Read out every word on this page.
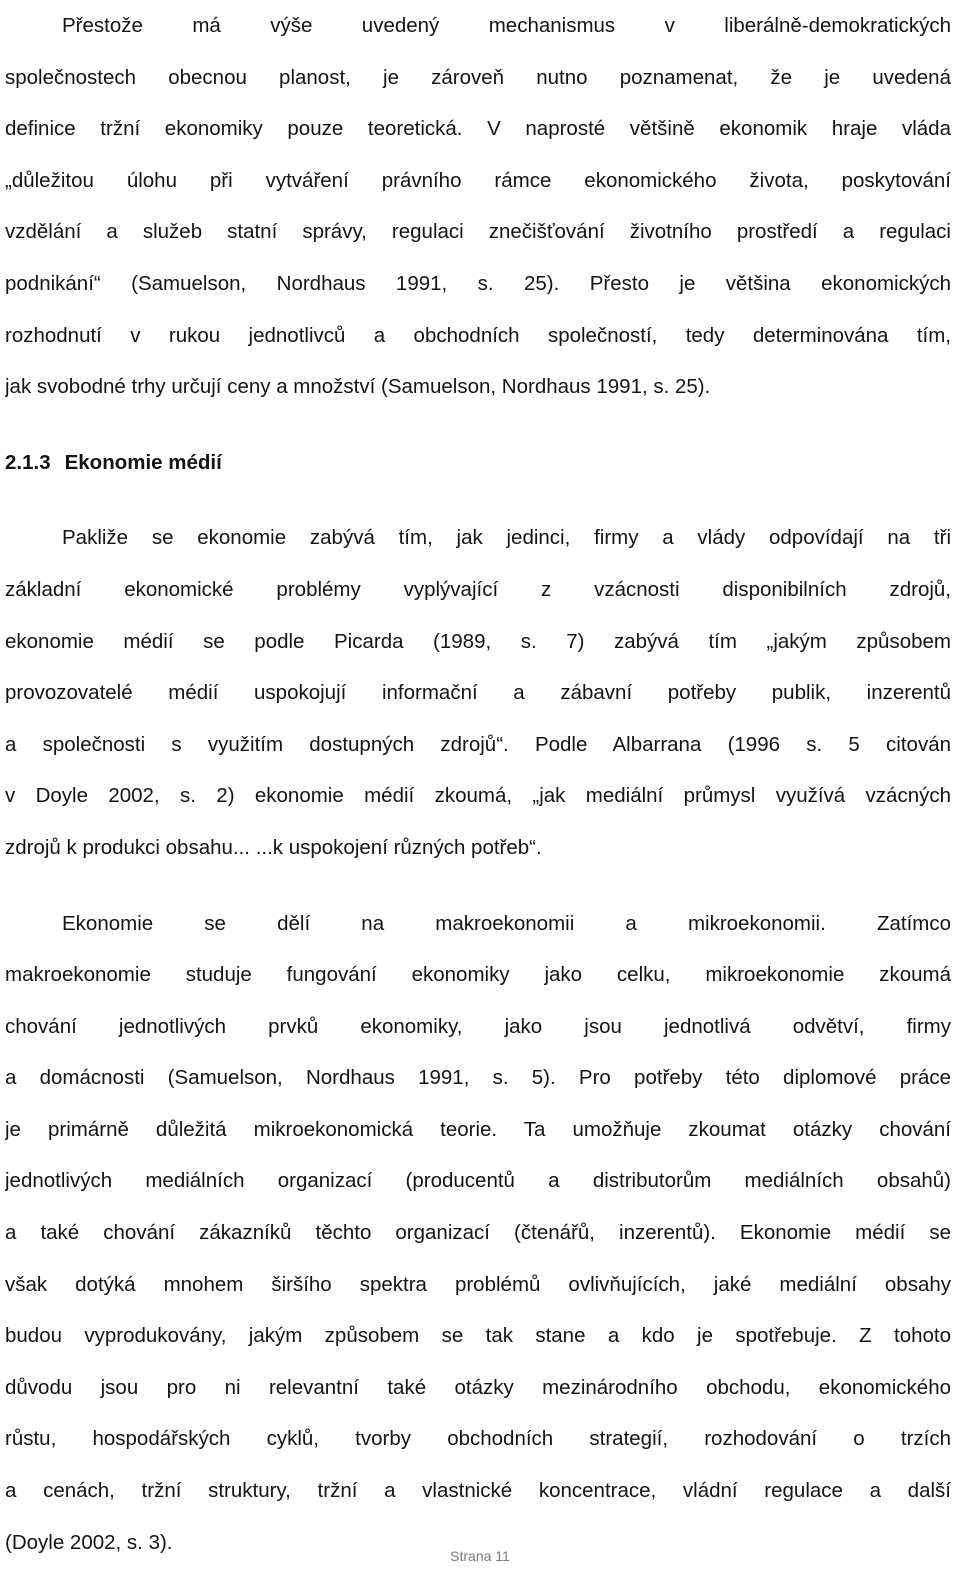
Přestože má výše uvedený mechanismus v liberálně-demokratických
společnostech obecnou planost, je zároveň nutno poznamenat, že je uvedená
definice tržní ekonomiky pouze teoretická. V naprosté většině ekonomik hraje vláda
„důležitou úlohu při vytváření právního rámce ekonomického života, poskytování
vzdělání a služeb statní správy, regulaci znečišťování životního prostředí a regulaci
podnikání“ (Samuelson, Nordhaus 1991, s. 25). Přesto je většina ekonomických
rozhodnutí v rukou jednotlivců a obchodních společností, tedy determinována tím,
jak svobodné trhy určují ceny a množství (Samuelson, Nordhaus 1991, s. 25).
2.1.3 Ekonomie médií
Pakliže se ekonomie zabývá tím, jak jedinci, firmy a vlády odpovídají na tři
základní ekonomické problémy vyplývající z vzácnosti disponibilních zdrojů,
ekonomie médií se podle Picarda (1989, s. 7) zabývá tím „jakým způsobem
provozovatelé médií uspokojují informační a zábavní potřeby publik, inzerentů
a společnosti s využitím dostupných zdrojů“. Podle Albarrana (1996 s. 5 citován
v Doyle 2002, s. 2) ekonomie médií zkoumá, „jak mediální průmysl využívá vzácných
zdrojů k produkci obsahu... ...k uspokojení různých potřeb“.
Ekonomie se dělí na makroekonomii a mikroekonomii. Zatímco
makroekonomie studuje fungování ekonomiky jako celku, mikroekonomie zkoumá
chování jednotlivých prvků ekonomiky, jako jsou jednotlivá odvětví, firmy
a domácnosti (Samuelson, Nordhaus 1991, s. 5). Pro potřeby této diplomové práce
je primárně důležitá mikroekonomická teorie. Ta umožňuje zkoumat otázky chování
jednotlivých mediálních organizací (producentů a distributorům mediálních obsahů)
a také chování zákazníků těchto organizací (čtenářů, inzerentů). Ekonomie médií se
však dotýká mnohem širšího spektra problémů ovlivňujících, jaké mediální obsahy
budou vyprodukovány, jakým způsobem se tak stane a kdo je spotřebuje. Z tohoto
důvodu jsou pro ni relevantní také otázky mezinárodního obchodu, ekonomického
růstu, hospodářských cyklů, tvorby obchodních strategií, rozhodování o trzích
a cenách, tržní struktury, tržní a vlastnické koncentrace, vládní regulace a další
(Doyle 2002, s. 3).
Strana 11
